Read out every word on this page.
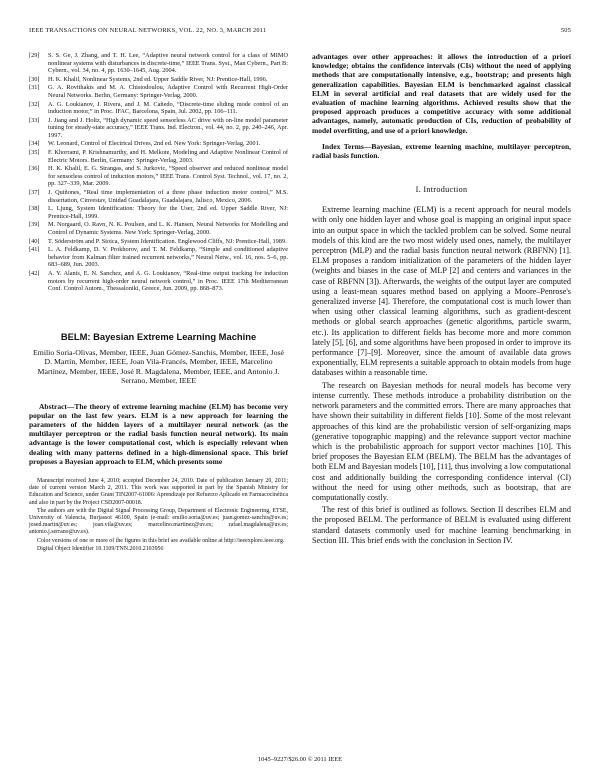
IEEE TRANSACTIONS ON NEURAL NETWORKS, VOL. 22, NO. 3, MARCH 2011	505
[29]	S. S. Ge, J. Zhang, and T. H. Lee, “Adaptive neural network control for a class of MIMO nonlinear systems with disturbances in discrete-time,” IEEE Trans. Syst., Man Cybern., Part B: Cybern., vol. 34, no. 4, pp. 1630–1645, Aug. 2004.
[30]	H. K. Khalil, Nonlinear Systems, 2nd ed. Upper Saddle River, NJ: Prentice-Hall, 1996.
[31]	G. A. Rovithakis and M. A. Chistodoulou, Adaptive Control with Recurrent High-Order Neural Networks. Berlin, Germany: Springer-Verlag, 2000.
[32]	A. G. Loukianov, J. Rivera, and J. M. Cañedo, “Discrete-time sliding mode control of an induction motor,” in Proc. IFAC, Barcelona, Spain, Jul. 2002, pp. 106–111.
[33]	J. Jiang and J. Holtz, “High dynamic speed sensorless AC drive with on-line model parameter tuning for steady-state accuracy,” IEEE Trans. Ind. Electron., vol. 44, no. 2, pp. 240–246, Apr. 1997.
[34]	W. Leonard, Control of Electrical Drives, 2nd ed. New York: Springer-Verlag, 2001.
[35]	F. Khorrami, P. Krishnamurthy, and H. Melkote, Modeling and Adaptive Nonlinear Control of Electric Motors. Berlin, Germany: Springer-Verlag, 2003.
[36]	H. K. Khalil, E. G. Strangas, and S. Jurkovic, “Speed observer and reduced nonlinear model for sensorless control of induction motors,” IEEE Trans. Control Syst. Technol., vol. 17, no. 2, pp. 327–339, Mar. 2009.
[37]	J. Quiñones, “Real time implementation of a three phase induction motor control,” M.S. dissertation, Cinvestav, Unidad Guadalajara, Guadalajara, Jalisco, Mexico, 2006.
[38]	L. Ljung, System Identification: Theory for the User, 2nd ed. Upper Saddle River, NJ: Prentice-Hall, 1999.
[39]	M. Norgaard, O. Ravn, N. K. Poulsen, and L. K. Hansen, Neural Networks for Modelling and Control of Dynamic Systems. New York: Springer-Verlag, 2000.
[40]	T. Söderström and P. Stoica, System Identification. Englewood Cliffs, NJ: Prentice-Hall, 1989.
[41]	L. A. Feldkamp, D. V. Prokhorov, and T. M. Feldkamp, “Simple and conditioned adaptive behavior from Kalman filter trained recurrent networks,” Neural Netw., vol. 16, nos. 5–6, pp. 683–689, Jun. 2003.
[42]	A. Y. Alanis, E. N. Sanchez, and A. G. Loukianov, “Real-time output tracking for induction motors by recurrent high-order neural network control,” in Proc. IEEE 17th Mediterranean Conf. Control Autom., Thessaloniki, Greece, Jun. 2009, pp. 868–873.
BELM: Bayesian Extreme Learning Machine
Emilio Soria-Olivas, Member, IEEE, Juan Gómez-Sanchis, Member, IEEE, José D. Martín, Member, IEEE, Joan Vila-Francés, Member, IEEE, Marcelino Martínez, Member, IEEE, José R. Magdalena, Member, IEEE, and Antonio J. Serrano, Member, IEEE

Abstract—The theory of extreme learning machine (ELM) has become very popular on the last few years. ELM is a new approach for learning the parameters of the hidden layers of a multilayer neural network (as the multilayer perceptron or the radial basis function neural network). Its main advantage is the lower computational cost, which is especially relevant when dealing with many patterns defined in a high-dimensional space. This brief proposes a Bayesian approach to ELM, which presents some

Manuscript received June 4, 2010; accepted December 24, 2010. Date of publication January 20, 2011; date of current version March 2, 2011. This work was supported in part by the Spanish Ministry for Education and Science, under Grant TIN2007-61006: Aprendizaje por Refuerzo Aplicado en Farmacocinética and also in part by the Project CSD2007-00018.

The authors are with the Digital Signal Processing Group, Department of Electronic Engineering, ETSE, University of Valencia, Burjassot 46100, Spain (e-mail: emilio.soria@uv.es; juan.gomez-sanchis@uv.es; josed.martin@uv.es; joan.vila@uv.es; marcelino.martinez@uv.es; rafael.magdalena@uv.es; antonio.j.serrano@uv.es).

Color versions of one or more of the figures in this brief are available online at http://ieeexplore.ieee.org.

Digital Object Identifier 10.1109/TNN.2010.2103956

advantages over other approaches: it allows the introduction of a priori knowledge; obtains the confidence intervals (CIs) without the need of applying methods that are computationally intensive, e.g., bootstrap; and presents high generalization capabilities. Bayesian ELM is benchmarked against classical ELM in several artificial and real datasets that are widely used for the evaluation of machine learning algorithms. Achieved results show that the proposed approach produces a competitive accuracy with some additional advantages, namely, automatic production of CIs, reduction of probability of model overfitting, and use of a priori knowledge.

Index Terms—Bayesian, extreme learning machine, multilayer perceptron, radial basis function.

I. Introduction

Extreme learning machine (ELM) is a recent approach for neural models with only one hidden layer and whose goal is mapping an original input space into an output space in which the tackled problem can be solved. Some neural models of this kind are the two most widely used ones, namely, the multilayer perceptron (MLP) and the radial basis function neural network (RBFNN) [1]. ELM proposes a random initialization of the parameters of the hidden layer (weights and biases in the case of MLP [2] and centers and variances in the case of RBFNN [3]). Afterwards, the weights of the output layer are computed using a least-mean squares method based on applying a Moore–Penrose's generalized inverse [4]. Therefore, the computational cost is much lower than when using other classical learning algorithms, such as gradient-descent methods or global search approaches (genetic algorithms, particle swarm, etc.). Its application to different fields has become more and more common lately [5], [6], and some algorithms have been proposed in order to improve its performance [7]–[9]. Moreover, since the amount of available data grows exponentially, ELM represents a suitable approach to obtain models from huge databases within a reasonable time.

The research on Bayesian methods for neural models has become very intense currently. These methods introduce a probability distribution on the network parameters and the committed errors. There are many approaches that have shown their suitability in different fields [10]. Some of the most relevant approaches of this kind are the probabilistic version of self-organizing maps (generative topographic mapping) and the relevance support vector machine which is the probabilistic approach for support vector machines [10]. This brief proposes the Bayesian ELM (BELM). The BELM has the advantages of both ELM and Bayesian models [10], [11], thus involving a low computational cost and additionally building the corresponding confidence interval (CI) without the need for using other methods, such as bootstrap, that are computationally costly.

The rest of this brief is outlined as follows. Section II describes ELM and the proposed BELM. The performance of BELM is evaluated using different standard datasets commonly used for machine learning benchmarking in Section III. This brief ends with the conclusion in Section IV.

1045–9227/$26.00 © 2011 IEEE
